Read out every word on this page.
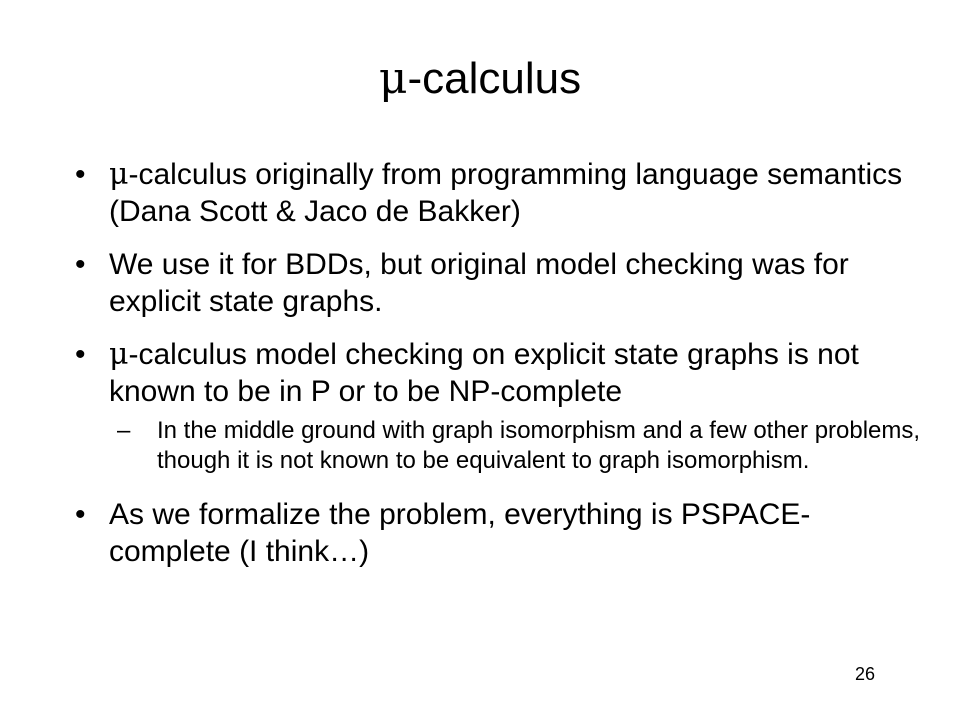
μ-calculus
• μ-calculus originally from programming language semantics (Dana Scott & Jaco de Bakker)
• We use it for BDDs, but original model checking was for explicit state graphs.
• μ-calculus model checking on explicit state graphs is not known to be in P or to be NP-complete
– In the middle ground with graph isomorphism and a few other problems, though it is not known to be equivalent to graph isomorphism.
• As we formalize the problem, everything is PSPACE-complete (I think…)
26
